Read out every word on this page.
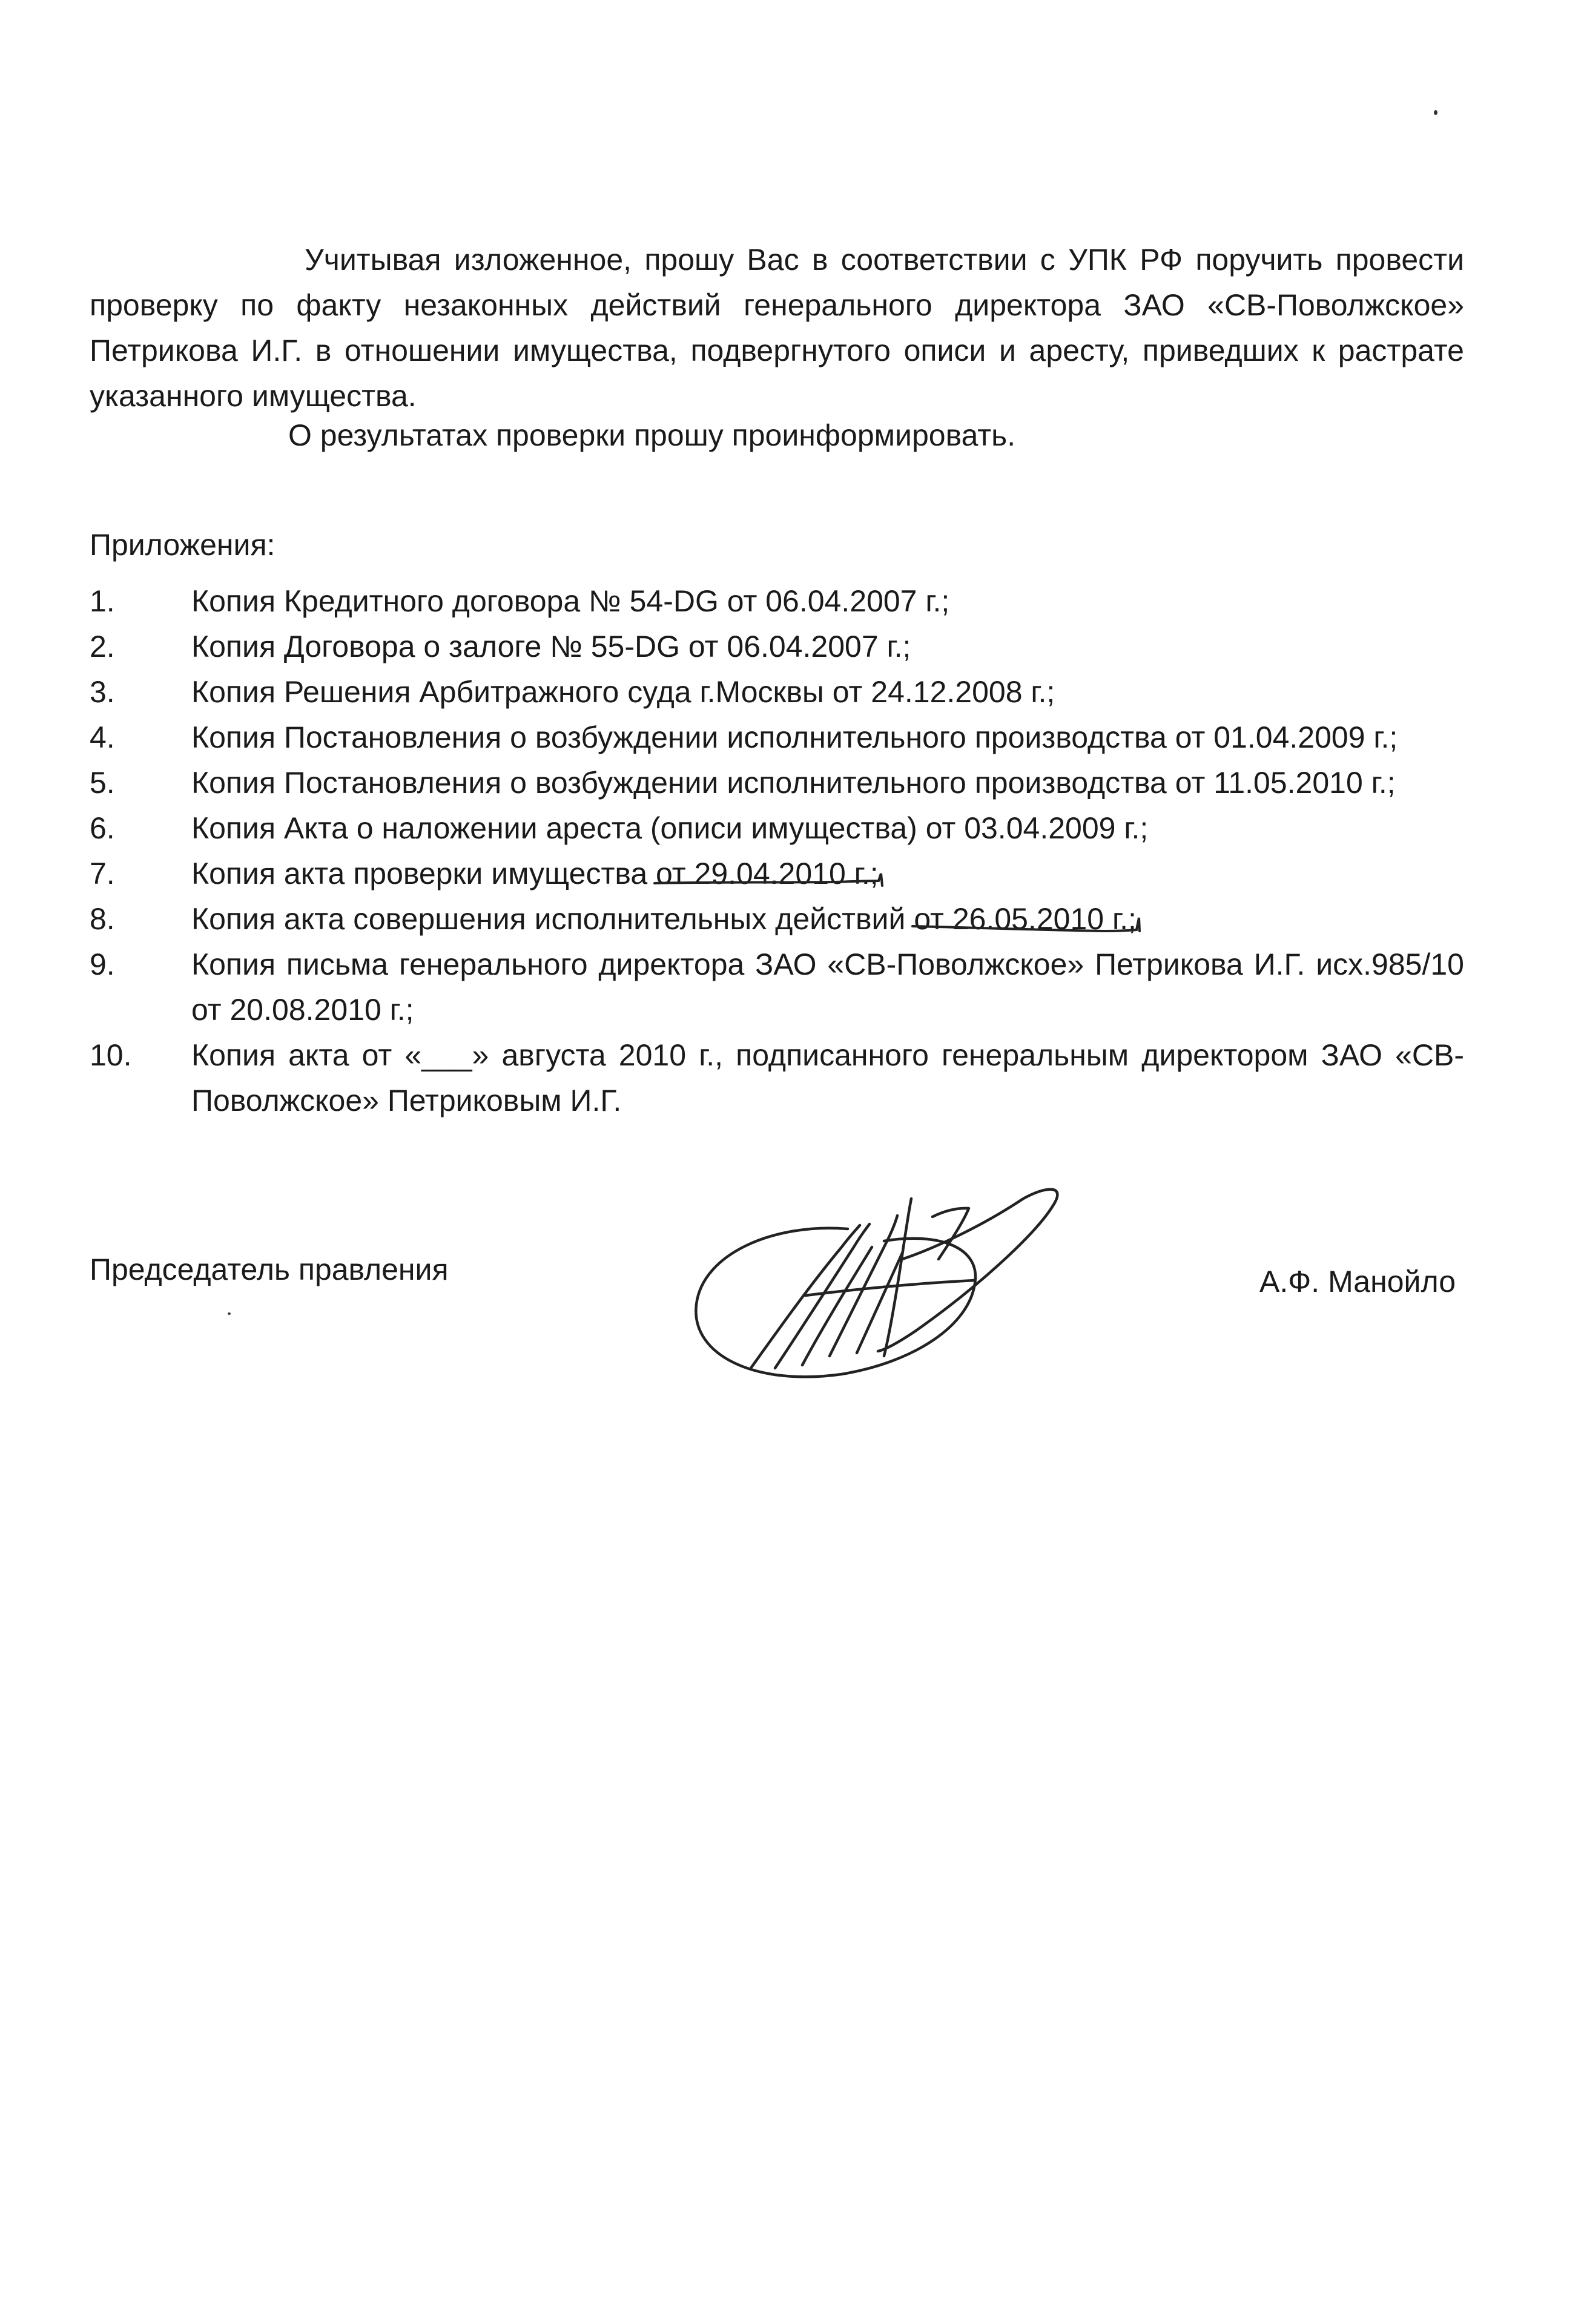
Учитывая изложенное, прошу Вас в соответствии с УПК РФ поручить провести проверку по факту незаконных действий генерального директора ЗАО «СВ-Поволжское» Петрикова И.Г. в отношении имущества, подвергнутого описи и аресту, приведших к растрате указанного имущества.
О результатах проверки прошу проинформировать.
Приложения:
1.	Копия Кредитного договора № 54-DG от 06.04.2007 г.;
2.	Копия Договора о залоге № 55-DG от 06.04.2007 г.;
3.	Копия Решения Арбитражного суда г.Москвы от 24.12.2008 г.;
4.	Копия Постановления о возбуждении исполнительного производства от 01.04.2009 г.;
5.	Копия Постановления о возбуждении исполнительного производства от 11.05.2010 г.;
6.	Копия Акта о наложении ареста (описи имущества) от 03.04.2009 г.;
7.	Копия акта проверки имущества от 29.04.2010 г.;
8.	Копия акта совершения исполнительных действий от 26.05.2010 г.;
9.	Копия письма генерального директора ЗАО «СВ-Поволжское» Петрикова И.Г. исх.985/10 от 20.08.2010 г.;
10.	Копия акта от «___» августа 2010 г., подписанного генеральным директором ЗАО «СВ-Поволжское» Петриковым И.Г.
Председатель правления	А.Ф. Манойло
